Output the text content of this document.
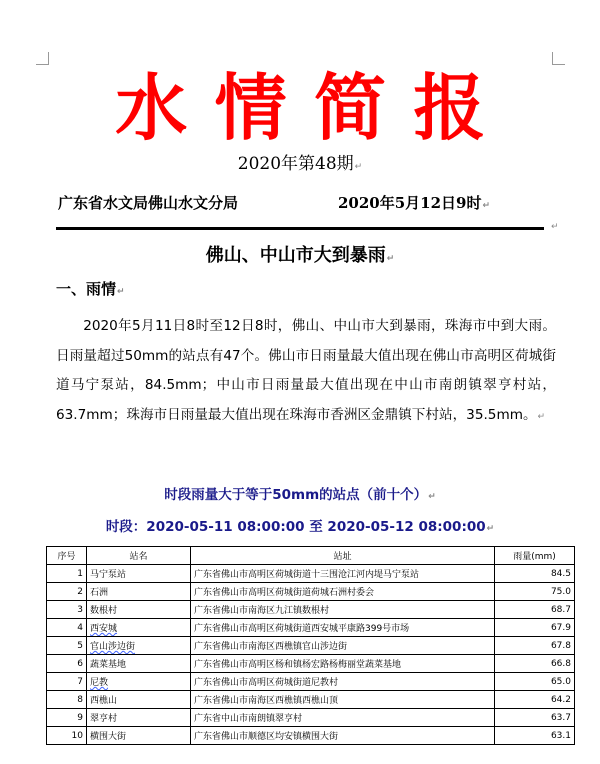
水情简报
2020年第48期↵
广东省水文局佛山水文分局	2020年5月12日9时↵
↵
佛山、中山市大到暴雨↵
一、雨情↵
2020年5月11日8时至12日8时，佛山、中山市大到暴雨，珠海市中到大雨。日雨量超过50mm的站点有47个。佛山市日雨量最大值出现在佛山市高明区荷城街道马宁泵站，84.5mm；中山市日雨量最大值出现在中山市南朗镇翠亨村站，63.7mm；珠海市日雨量最大值出现在珠海市香洲区金鼎镇下村站，35.5mm。↵
时段雨量大于等于50mm的站点（前十个）↵
时段：2020-05-11 08:00:00 至 2020-05-12 08:00:00↵
序号	站名	站址	雨量(mm)
1	马宁泵站	广东省佛山市高明区荷城街道十三围沧江河内堤马宁泵站	84.5
2	石洲	广东省佛山市高明区荷城街道荷城石洲村委会	75.0
3	数根村	广东省佛山市南海区九江镇数根村	68.7
4	西安城	广东省佛山市高明区荷城街道西安城平康路399号市场	67.9
5	官山涉边街	广东省佛山市南海区西樵镇官山涉边街	67.8
6	蔬菜基地	广东省佛山市高明区杨和镇杨宏路杨梅丽堂蔬菜基地	66.8
7	尼教	广东省佛山市高明区荷城街道尼教村	65.0
8	西樵山	广东省佛山市南海区西樵镇西樵山顶	64.2
9	翠亨村	广东省中山市南朗镇翠亨村	63.7
10	横围大街	广东省佛山市顺德区均安镇横围大街	63.1
